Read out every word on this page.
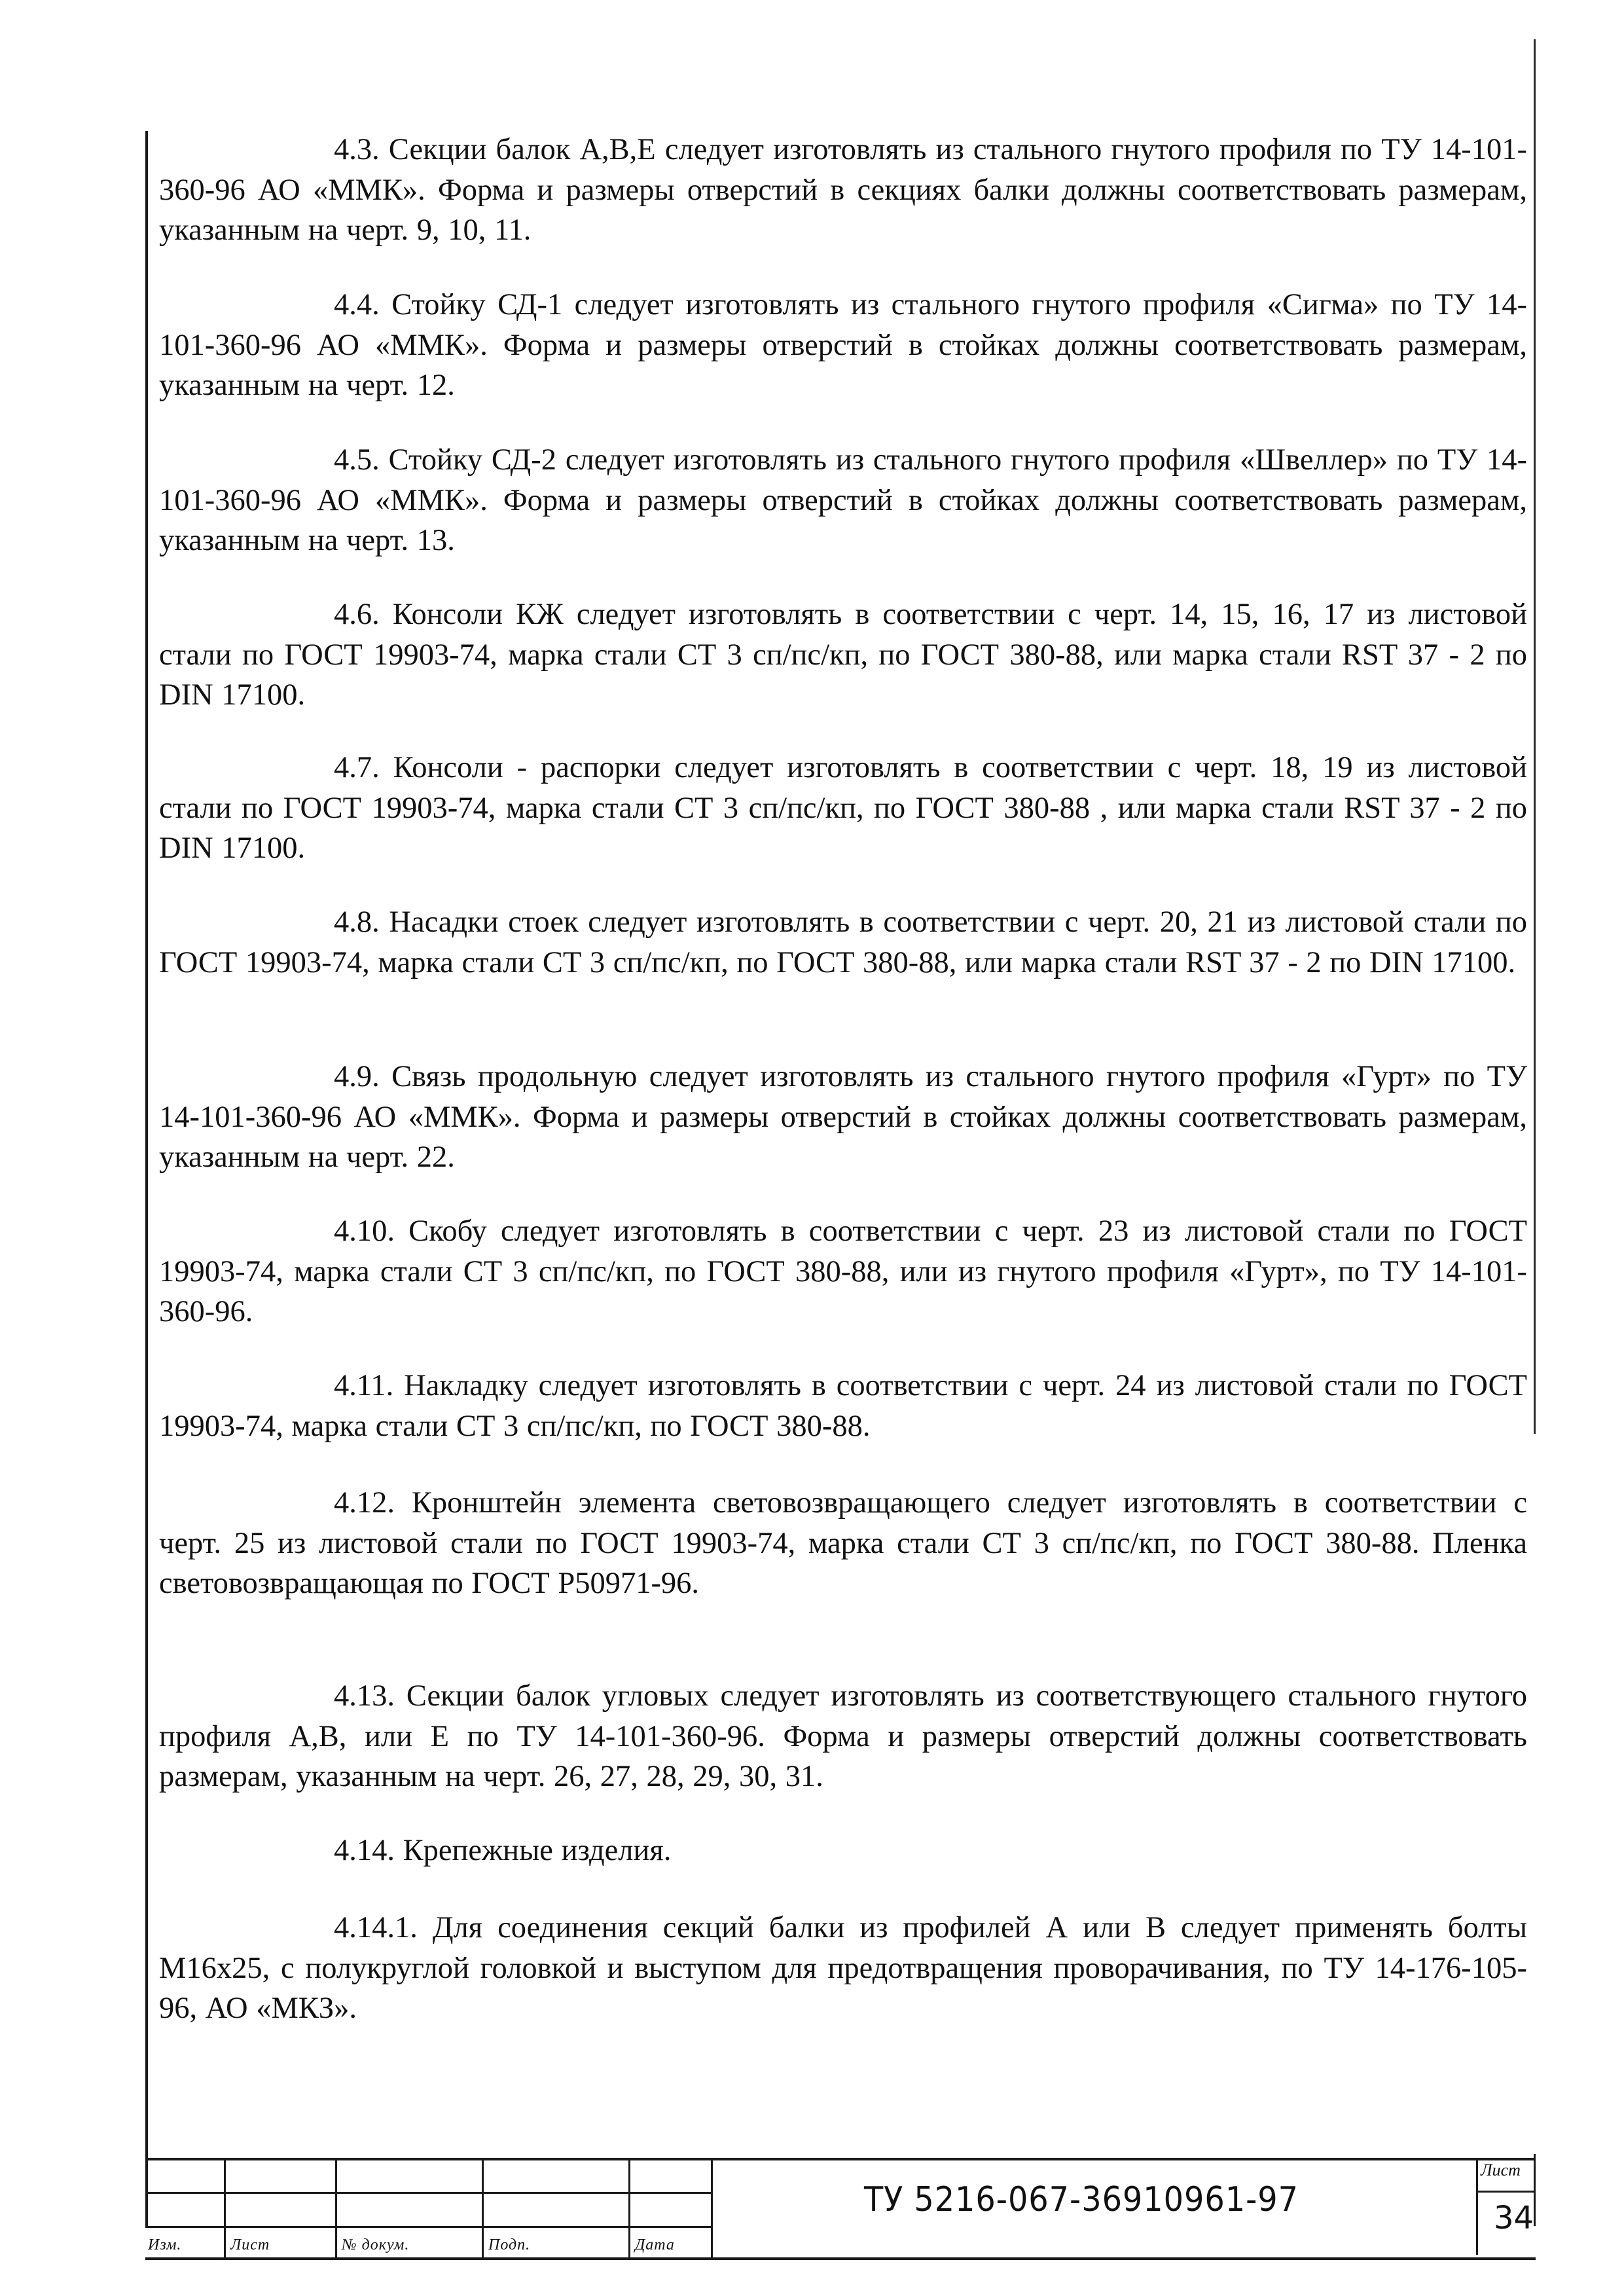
4.3. Секции балок А,В,Е следует изготовлять из стального гнутого профиля по ТУ 14-101-360-96 АО «ММК». Форма и размеры отверстий в секциях балки должны соответствовать размерам, указанным на черт. 9, 10, 11.
4.4. Стойку СД-1 следует изготовлять из стального гнутого профиля «Сигма» по ТУ 14-101-360-96 АО «ММК». Форма и размеры отверстий в стойках должны соответствовать размерам, указанным на черт. 12.
4.5. Стойку СД-2 следует изготовлять из стального гнутого профиля «Швеллер» по ТУ 14-101-360-96 АО «ММК». Форма и размеры отверстий в стойках должны соответствовать размерам, указанным на черт. 13.
4.6. Консоли КЖ следует изготовлять в соответствии с черт. 14, 15, 16, 17 из листовой стали по ГОСТ 19903-74, марка стали СТ 3 сп/пс/кп, по ГОСТ 380-88, или марка стали RST 37 - 2 по DIN 17100.
4.7. Консоли - распорки следует изготовлять в соответствии с черт. 18, 19 из листовой стали по ГОСТ 19903-74, марка стали СТ 3 сп/пс/кп, по ГОСТ 380-88 , или марка стали RST 37 - 2 по DIN 17100.
4.8. Насадки стоек следует изготовлять в соответствии с черт. 20, 21 из листовой стали по ГОСТ 19903-74, марка стали СТ 3 сп/пс/кп, по ГОСТ 380-88, или марка стали RST 37 - 2 по DIN 17100.
4.9. Связь продольную следует изготовлять из стального гнутого профиля «Гурт» по ТУ 14-101-360-96 АО «ММК». Форма и размеры отверстий в стойках должны соответствовать размерам, указанным на черт. 22.
4.10. Скобу следует изготовлять в соответствии с черт. 23 из листовой стали по ГОСТ 19903-74, марка стали СТ 3 сп/пс/кп, по ГОСТ 380-88, или из гнутого профиля «Гурт», по ТУ 14-101-360-96.
4.11. Накладку следует изготовлять в соответствии с черт. 24 из листовой стали по ГОСТ 19903-74, марка стали СТ 3 сп/пс/кп, по ГОСТ 380-88.
4.12. Кронштейн элемента световозвращающего следует изготовлять в соответствии с черт. 25 из листовой стали по ГОСТ 19903-74, марка стали СТ 3 сп/пс/кп, по ГОСТ 380-88. Пленка световозвращающая по ГОСТ Р50971-96.
4.13. Секции балок угловых следует изготовлять из соответствующего стального гнутого профиля А,В, или Е по ТУ 14-101-360-96. Форма и размеры отверстий должны соответствовать размерам, указанным на черт. 26, 27, 28, 29, 30, 31.
4.14. Крепежные изделия.
4.14.1. Для соединения секций балки из профилей А или В следует применять болты М16х25, с полукруглой головкой и выступом для предотвращения проворачивания, по ТУ 14-176-105-96, АО «МКЗ».
Изм.	Лист	№ докум.	Подп.	Дата
ТУ 5216-067-36910961-97
Лист
34
